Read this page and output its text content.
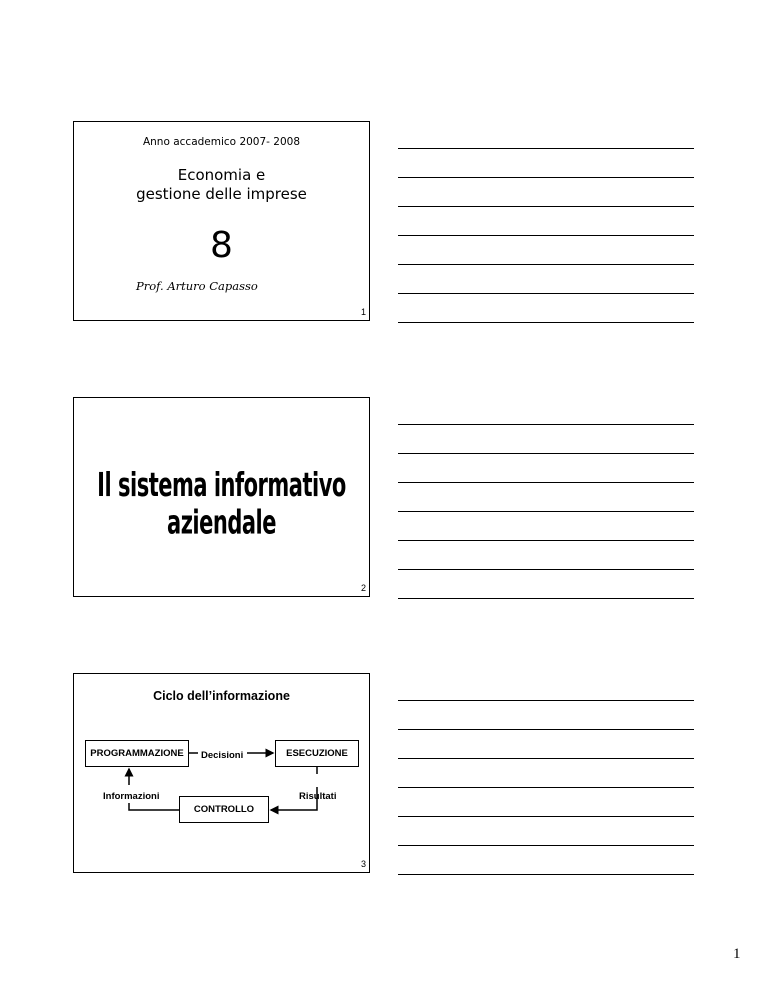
Anno accademico 2007- 2008
Economia e
gestione delle imprese
8
Prof. Arturo Capasso
1
Il sistema informativo aziendale
2
Ciclo dell’informazione
PROGRAMMAZIONE	ESECUZIONE
CONTROLLO
Decisioni
Informazioni	Risultati
3
1
